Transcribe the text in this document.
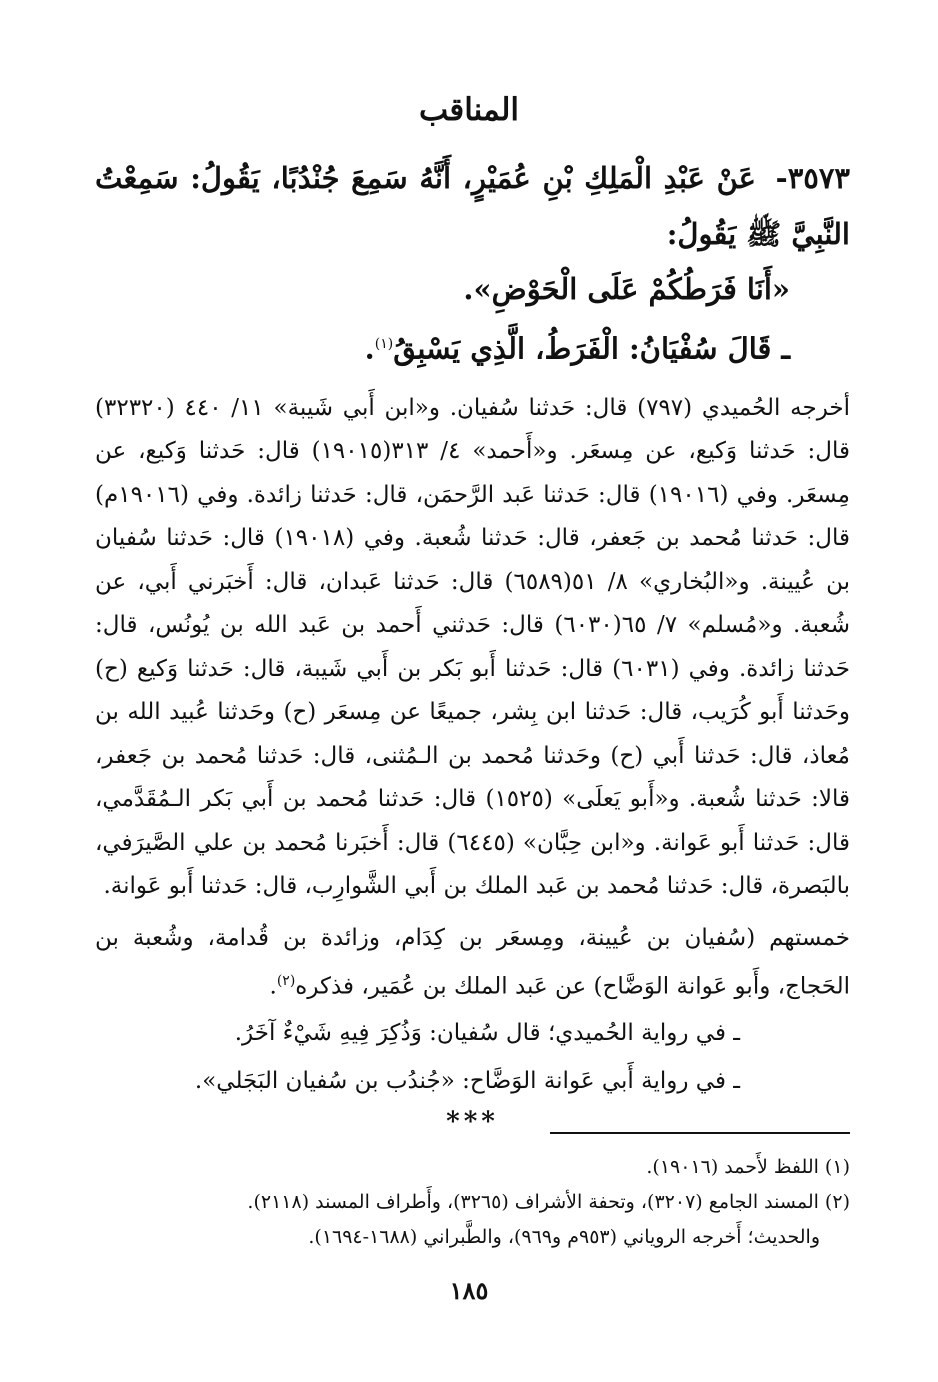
المناقب

٣٥٧٣- عَنْ عَبْدِ الْمَلِكِ بْنِ عُمَيْرٍ، أَنَّهُ سَمِعَ جُنْدُبًا، يَقُولُ: سَمِعْتُ النَّبِيَّ ﷺ يَقُولُ:

«أَنَا فَرَطُكُمْ عَلَى الْحَوْضِ».

ـ قَالَ سُفْيَانُ: الْفَرَطُ، الَّذِي يَسْبِقُ$^{(١)}$.

أخرجه الحُميدي (٧٩٧) قال: حَدثنا سُفيان. و«ابن أَبي شَيبة» ١١/ ٤٤٠ (٣٢٣٢٠) قال: حَدثنا وَكيع، عن مِسعَر. و«أَحمد» ٤/ ٣١٣(١٩٠١٥) قال: حَدثنا وَكيع، عن مِسعَر. وفي (١٩٠١٦) قال: حَدثنا عَبد الرَّحمَن، قال: حَدثنا زائدة. وفي (١٩٠١٦م) قال: حَدثنا مُحمد بن جَعفر، قال: حَدثنا شُعبة. وفي (١٩٠١٨) قال: حَدثنا سُفيان بن عُيينة. و«البُخاري» ٨/ ٥١(٦٥٨٩) قال: حَدثنا عَبدان، قال: أَخبَرني أَبي، عن شُعبة. و«مُسلم» ٧/ ٦٥(٦٠٣٠) قال: حَدثني أَحمد بن عَبد الله بن يُونُس، قال: حَدثنا زائدة. وفي (٦٠٣١) قال: حَدثنا أَبو بَكر بن أَبي شَيبة، قال: حَدثنا وَكيع (ح) وحَدثنا أَبو كُرَيب، قال: حَدثنا ابن بِشر، جميعًا عن مِسعَر (ح) وحَدثنا عُبيد الله بن مُعاذ، قال: حَدثنا أَبي (ح) وحَدثنا مُحمد بن الـمُثنى، قال: حَدثنا مُحمد بن جَعفر، قالا: حَدثنا شُعبة. و«أَبو يَعلَى» (١٥٢٥) قال: حَدثنا مُحمد بن أَبي بَكر الـمُقَدَّمي، قال: حَدثنا أَبو عَوانة. و«ابن حِبَّان» (٦٤٤٥) قال: أَخبَرنا مُحمد بن علي الصَّيرَفي، بالبَصرة، قال: حَدثنا مُحمد بن عَبد الملك بن أَبي الشَّوارِب، قال: حَدثنا أَبو عَوانة.

خمستهم (سُفيان بن عُيينة، ومِسعَر بن كِدَام، وزائدة بن قُدامة، وشُعبة بن الحَجاج، وأَبو عَوانة الوَضَّاح) عن عَبد الملك بن عُمَير، فذكره$^{(٢)}$.

ـ في رواية الحُميدي؛ قال سُفيان: وَذُكِرَ فِيهِ شَيْءٌ آخَرُ.

ـ في رواية أَبي عَوانة الوَضَّاح: «جُندُب بن سُفيان البَجَلي».

***

(١) اللفظ لأَحمد (١٩٠١٦).

(٢) المسند الجامع (٣٢٠٧)، وتحفة الأشراف (٣٢٦٥)، وأَطراف المسند (٢١١٨).

والحديث؛ أَخرجه الروياني (٩٥٣م و٩٦٩)، والطَّبراني (١٦٨٨-١٦٩٤).

١٨٥
